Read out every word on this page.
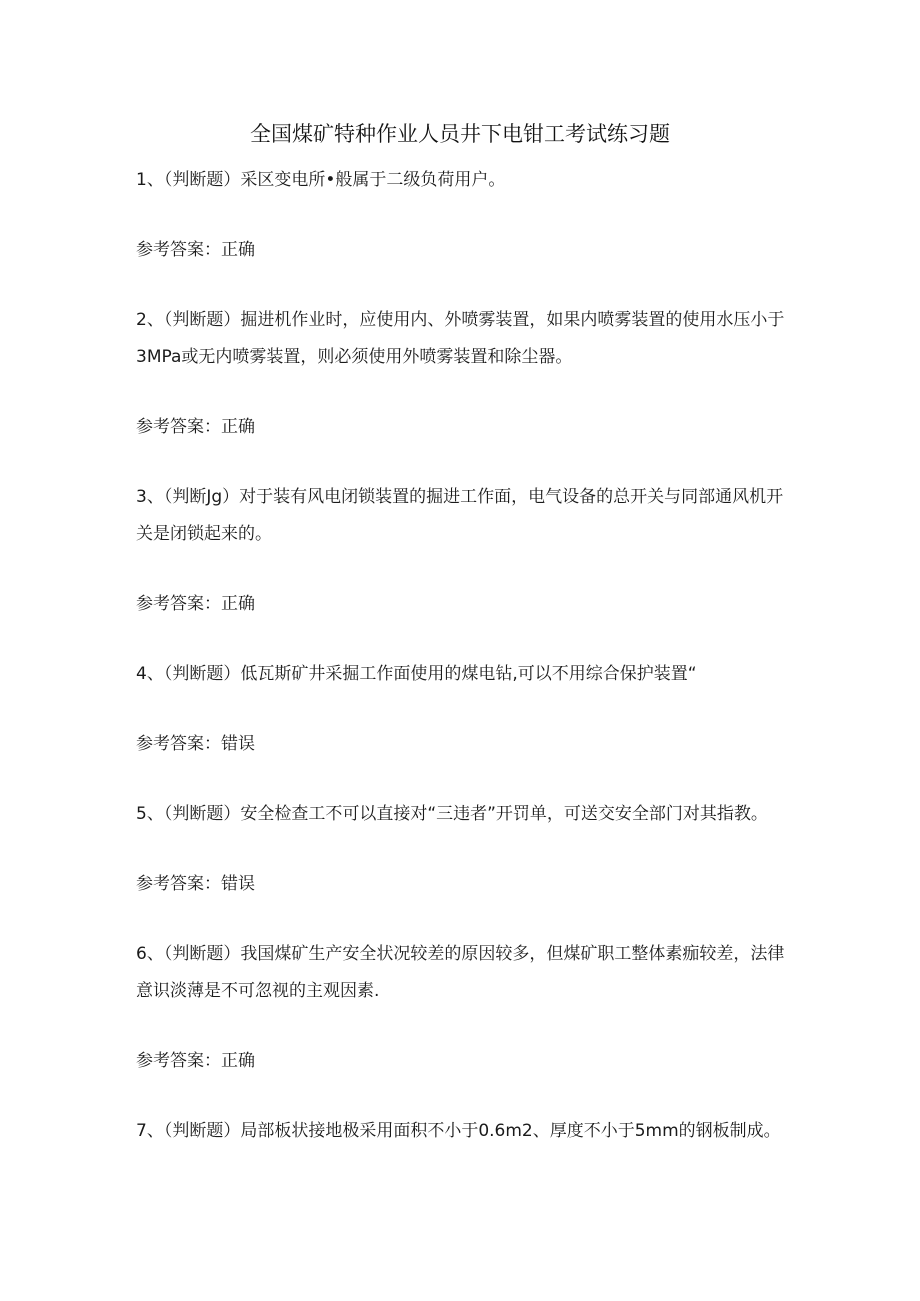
全国煤矿特种作业人员井下电钳工考试练习题

1、（判断题）采区变电所•般属于二级负荷用户。

参考答案：正确

2、（判断题）掘进机作业时，应使用内、外喷雾装置，如果内喷雾装置的使用水压小于3MPa或无内喷雾装置，则必须使用外喷雾装置和除尘器。

参考答案：正确

3、（判断Jg）对于装有风电闭锁装置的掘进工作面，电气设备的总开关与同部通风机开关是闭锁起来的。

参考答案：正确

4、（判断题）低瓦斯矿井采掘工作面使用的煤电钻,可以不用综合保护装置“

参考答案：错误

5、（判断题）安全检查工不可以直接对“三违者”开罚单，可送交安全部门对其指教。

参考答案：错误

6、（判断题）我国煤矿生产安全状况较差的原因较多，但煤矿职工整体素痂较差，法律意识淡薄是不可忽视的主观因素.

参考答案：正确

7、（判断题）局部板状接地极采用面积不小于0.6m2、厚度不小于5mm的钢板制成。
